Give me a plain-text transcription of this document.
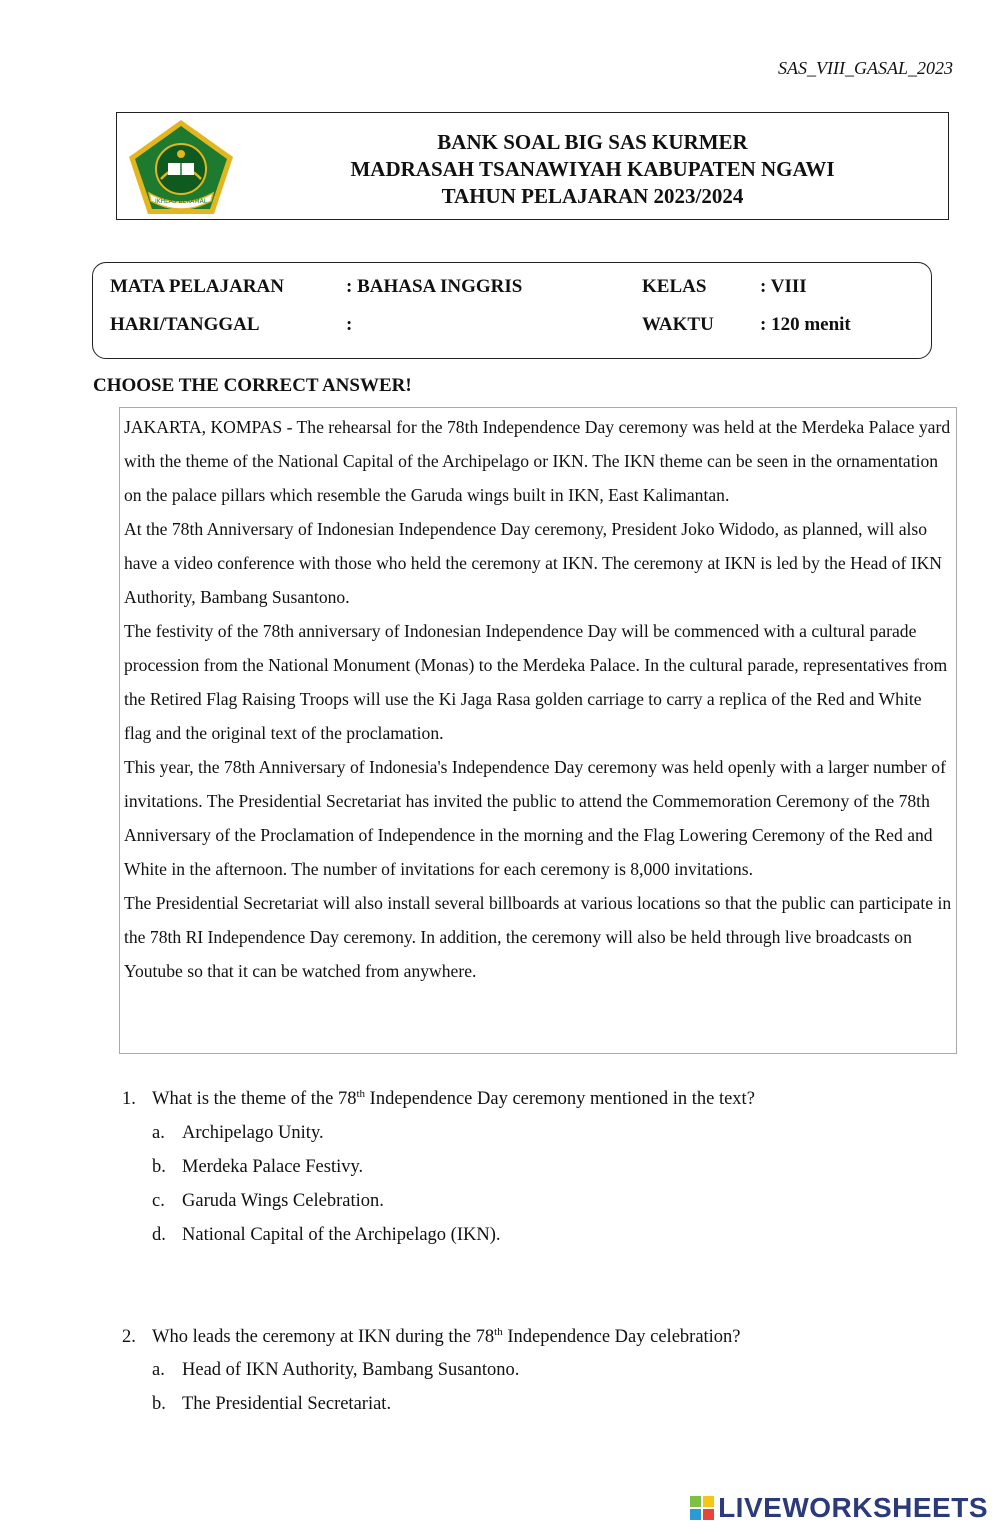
SAS_VIII_GASAL_2023
IKHLAS BERAMAL
BANK SOAL BIG SAS KURMER
MADRASAH TSANAWIYAH KABUPATEN NGAWI
TAHUN PELAJARAN 2023/2024
MATA PELAJARAN	: BAHASA INGGRIS	KELAS	: VIII
HARI/TANGGAL	:	WAKTU : 120 menit
CHOOSE THE CORRECT ANSWER!

JAKARTA, KOMPAS - The rehearsal for the 78th Independence Day ceremony was held at the Merdeka Palace yard with the theme of the National Capital of the Archipelago or IKN. The IKN theme can be seen in the ornamentation on the palace pillars which resemble the Garuda wings built in IKN, East Kalimantan.

At the 78th Anniversary of Indonesian Independence Day ceremony, President Joko Widodo, as planned, will also have a video conference with those who held the ceremony at IKN. The ceremony at IKN is led by the Head of IKN Authority, Bambang Susantono.

The festivity of the 78th anniversary of Indonesian Independence Day will be commenced with a cultural parade procession from the National Monument (Monas) to the Merdeka Palace. In the cultural parade, representatives from the Retired Flag Raising Troops will use the Ki Jaga Rasa golden carriage to carry a replica of the Red and White flag and the original text of the proclamation.

This year, the 78th Anniversary of Indonesia's Independence Day ceremony was held openly with a larger number of invitations. The Presidential Secretariat has invited the public to attend the Commemoration Ceremony of the 78th Anniversary of the Proclamation of Independence in the morning and the Flag Lowering Ceremony of the Red and White in the afternoon. The number of invitations for each ceremony is 8,000 invitations.

The Presidential Secretariat will also install several billboards at various locations so that the public can participate in the 78th RI Independence Day ceremony. In addition, the ceremony will also be held through live broadcasts on Youtube so that it can be watched from anywhere.

1. What is the theme of the 78th Independence Day ceremony mentioned in the text?
a. Archipelago Unity.
b. Merdeka Palace Festivy.
c. Garuda Wings Celebration.
d. National Capital of the Archipelago (IKN).
2. Who leads the ceremony at IKN during the 78th Independence Day celebration?
a. Head of IKN Authority, Bambang Susantono.
b. The Presidential Secretariat.
LIVEWORKSHEETS
